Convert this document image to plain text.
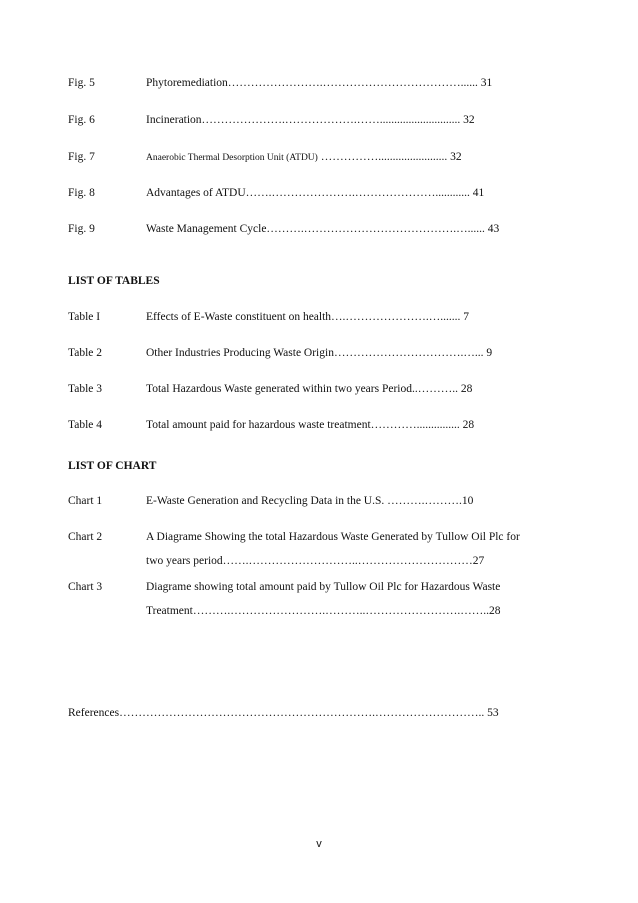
Fig. 5	Phytoremediation…………………….………………………………...... 31
Fig. 6	Incineration………………….……………….……............................ 32
Fig. 7	Anaerobic Thermal Desorption Unit (ATDU) ……………........................ 32
Fig. 8	Advantages of ATDU…….………………….…………………............ 41
Fig. 9	Waste Management Cycle……….………………………………….…...... 43
LIST OF TABLES
Table I	Effects of E-Waste constituent on health….………………….…....... 7
Table 2	Other Industries Producing Waste Origin…………………………….…... 9
Table 3	Total Hazardous Waste generated within two years Period..……….. 28
Table 4	Total amount paid for hazardous waste treatment…………............... 28
LIST OF CHART
Chart 1	E-Waste Generation and Recycling Data in the U.S. ……….……….10
Chart 2	A Diagrame Showing the total Hazardous Waste Generated by Tullow Oil Plc for
two years period…….………………………..…………………………27
Chart 3	Diagrame showing total amount paid by Tullow Oil Plc for Hazardous Waste
Treatment……….…………………….………..…………………….……..28
References………………………………………………………….……………………….. 53
v
